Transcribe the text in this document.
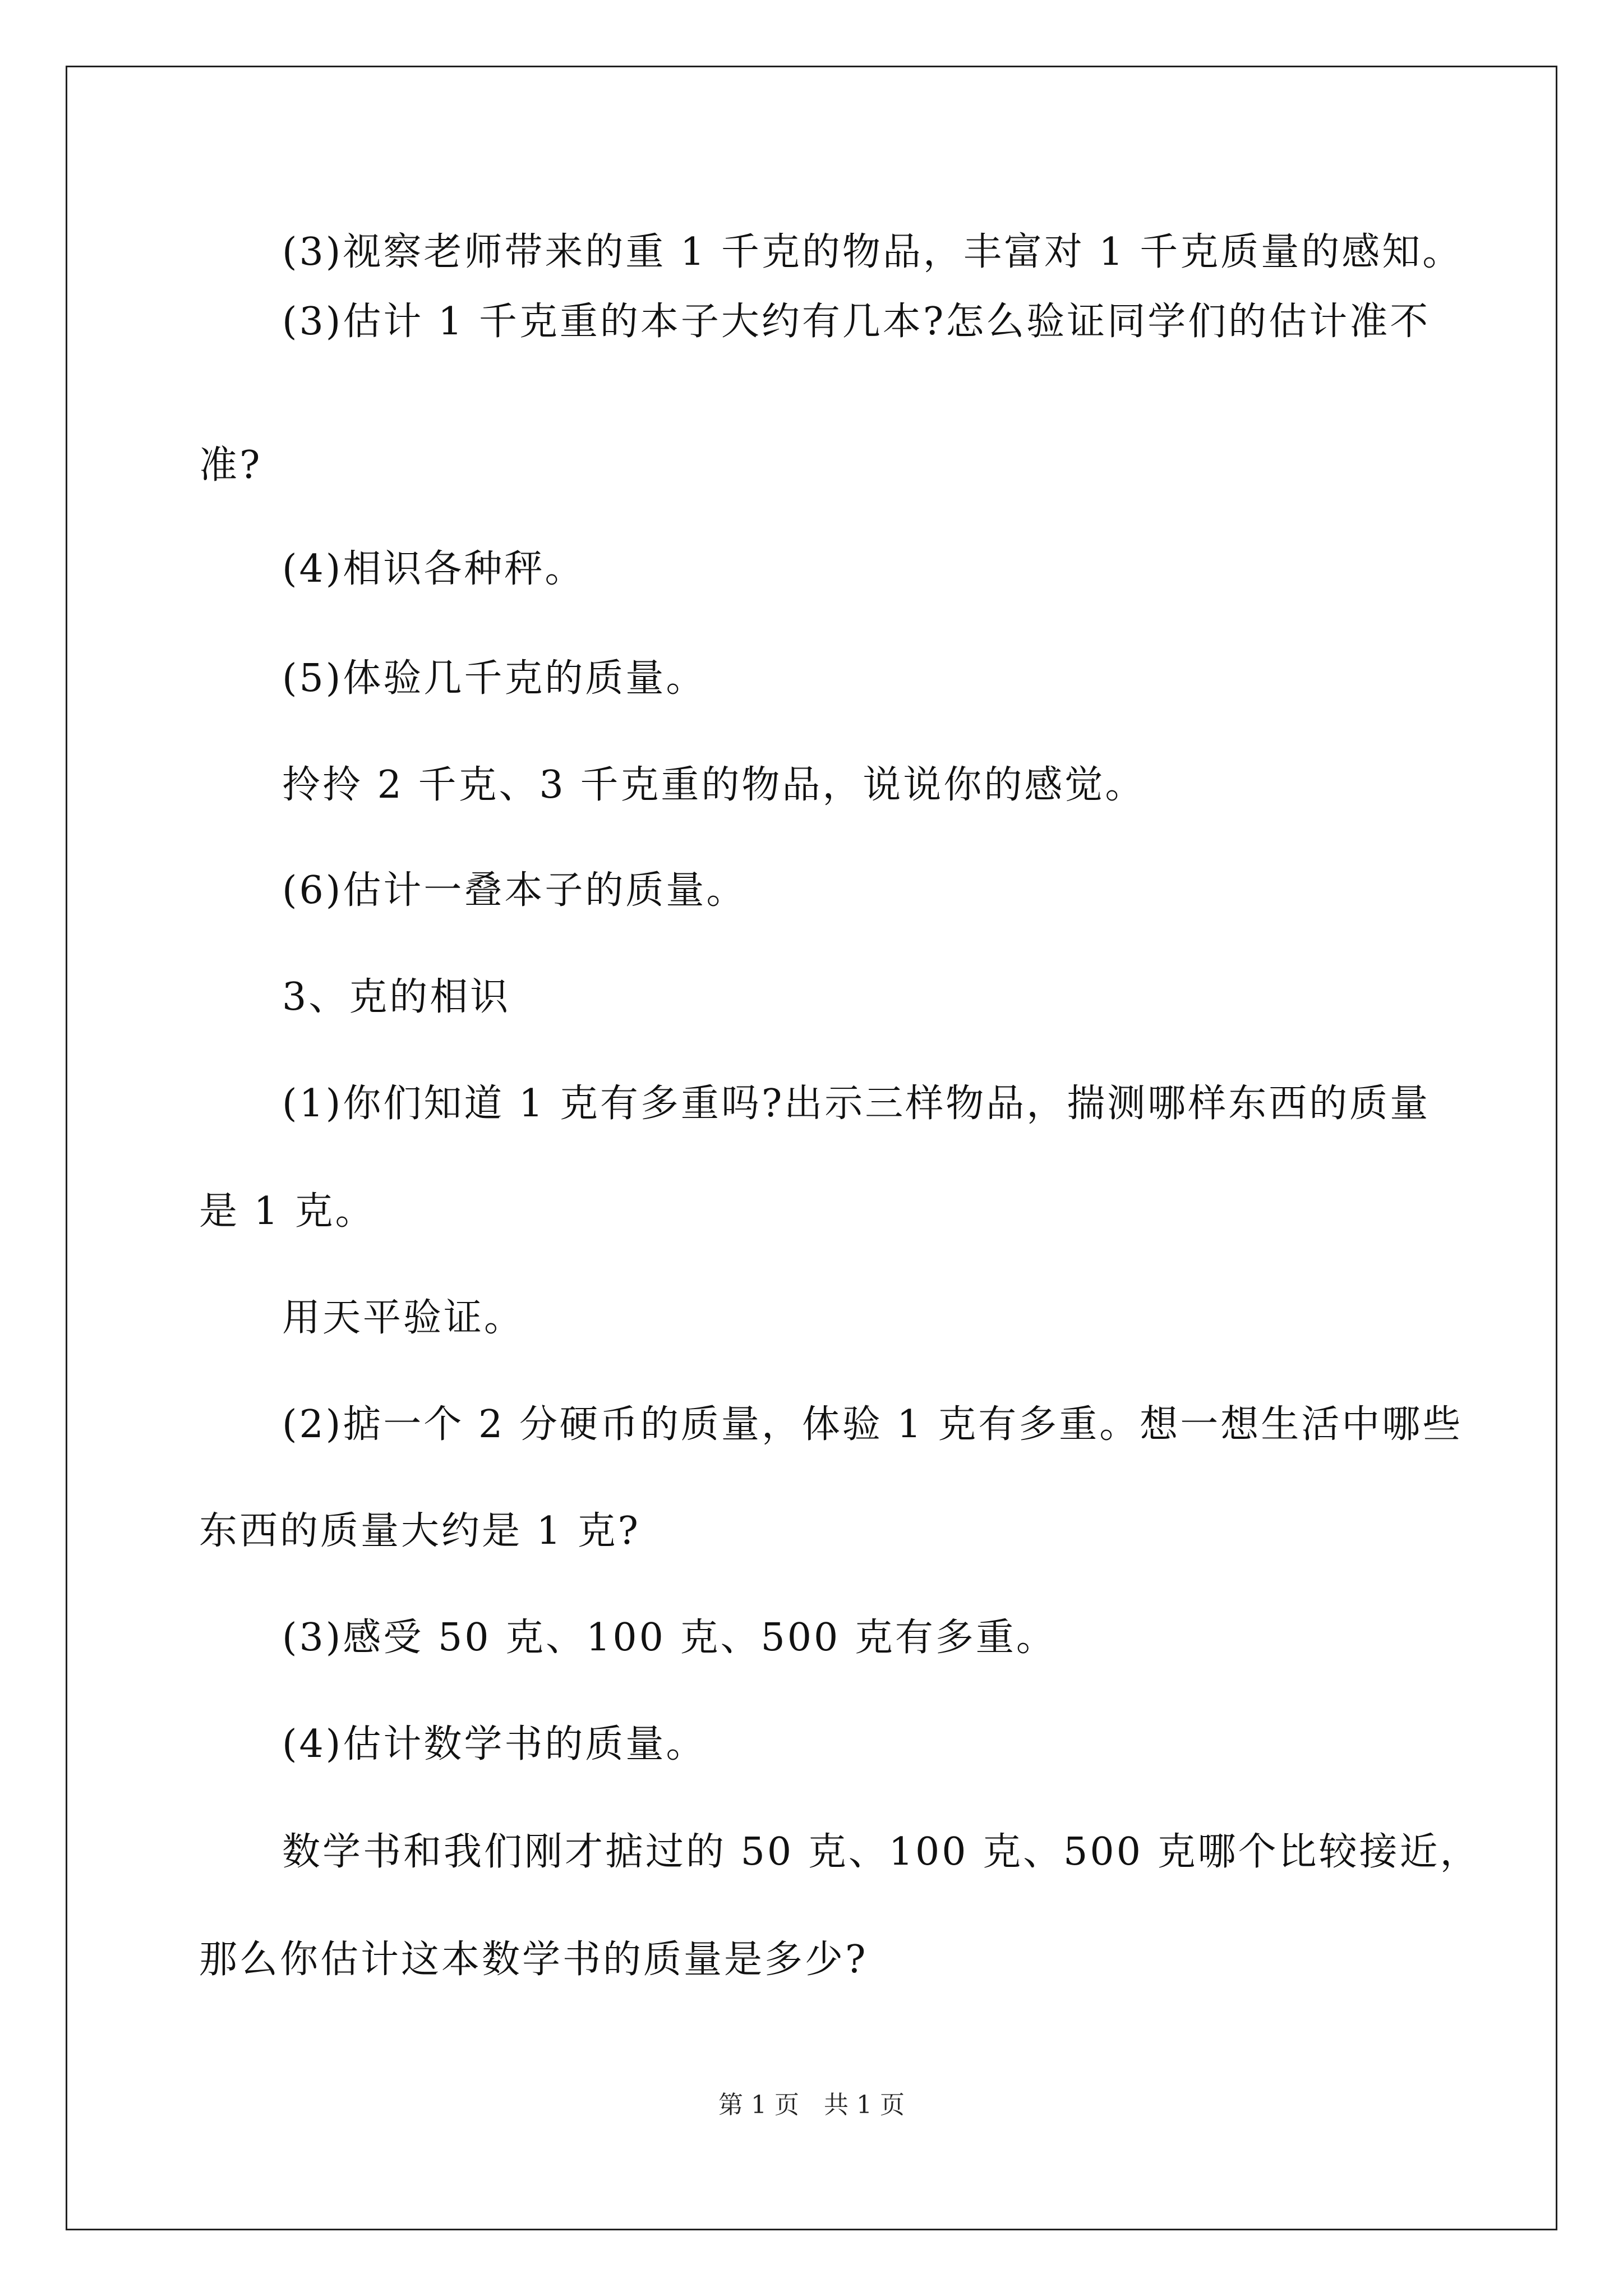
(3)视察老师带来的重 1 千克的物品，丰富对 1 千克质量的感知。
(3)估计 1 千克重的本子大约有几本?怎么验证同学们的估计准不
准?
(4)相识各种秤。
(5)体验几千克的质量。
拎拎 2 千克、3 千克重的物品，说说你的感觉。
(6)估计一叠本子的质量。
3、克的相识
(1)你们知道 1 克有多重吗?出示三样物品，揣测哪样东西的质量
是 1 克。
用天平验证。
(2)掂一个 2 分硬币的质量，体验 1 克有多重。想一想生活中哪些
东西的质量大约是 1 克?
(3)感受 50 克、100 克、500 克有多重。
(4)估计数学书的质量。
数学书和我们刚才掂过的 50 克、100 克、500 克哪个比较接近，
那么你估计这本数学书的质量是多少?
第 1 页　共 1 页
